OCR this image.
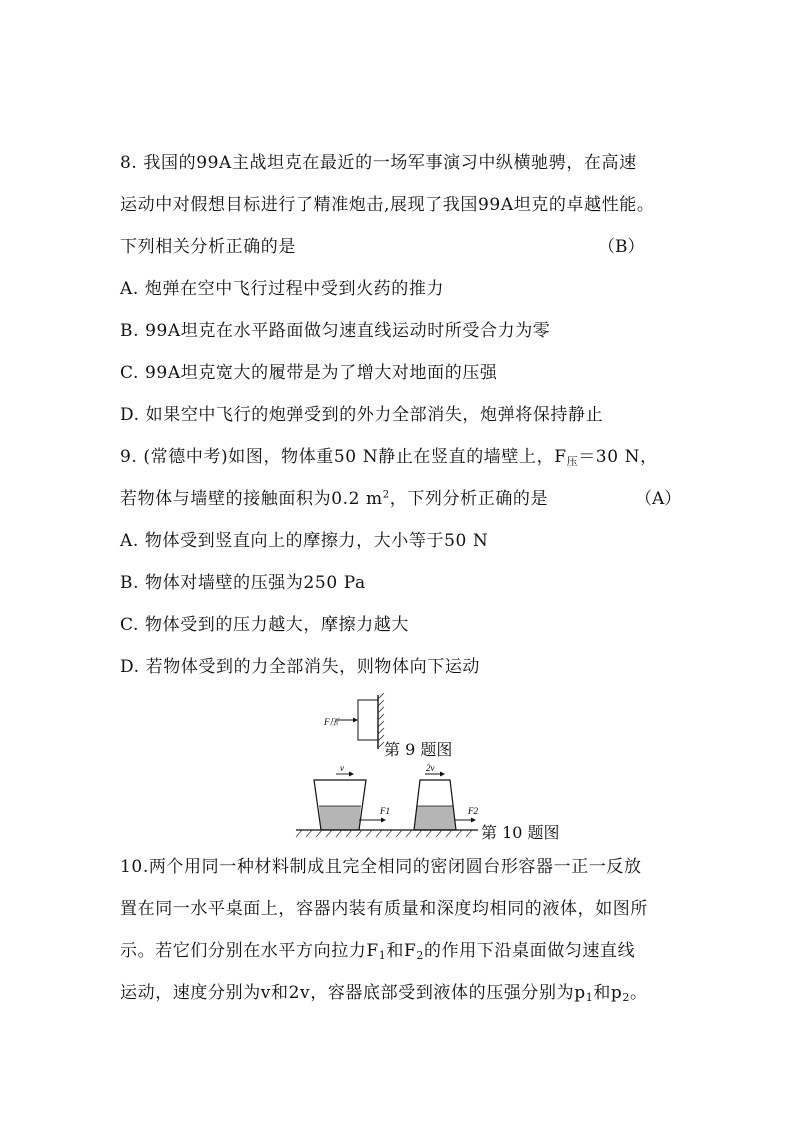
8. 我国的99A主战坦克在最近的一场军事演习中纵横驰骋，在高速
运动中对假想目标进行了精准炮击,展现了我国99A坦克的卓越性能。
下列相关分析正确的是	（B）
A. 炮弹在空中飞行过程中受到火药的推力
B. 99A坦克在水平路面做匀速直线运动时所受合力为零
C. 99A坦克宽大的履带是为了增大对地面的压强
D. 如果空中飞行的炮弹受到的外力全部消失，炮弹将保持静止
9. (常德中考)如图，物体重50 N静止在竖直的墙壁上，$F_压=30$ N，
若物体与墙壁的接触面积为0.2 $m^2$，下列分析正确的是	（A）
A. 物体受到竖直向上的摩擦力，大小等于50 N
B. 物体对墙壁的压强为250 Pa
C. 物体受到的压力越大，摩擦力越大
D. 若物体受到的力全部消失，则物体向下运动
F压
第 9 题图
v
F1
2v
F2
第 10 题图
10.两个用同一种材料制成且完全相同的密闭圆台形容器一正一反放
置在同一水平桌面上，容器内装有质量和深度均相同的液体，如图所
示。若它们分别在水平方向拉力$F_1$和$F_2$的作用下沿桌面做匀速直线
运动，速度分别为v和2v，容器底部受到液体的压强分别为$p_1$和$p_2$。
